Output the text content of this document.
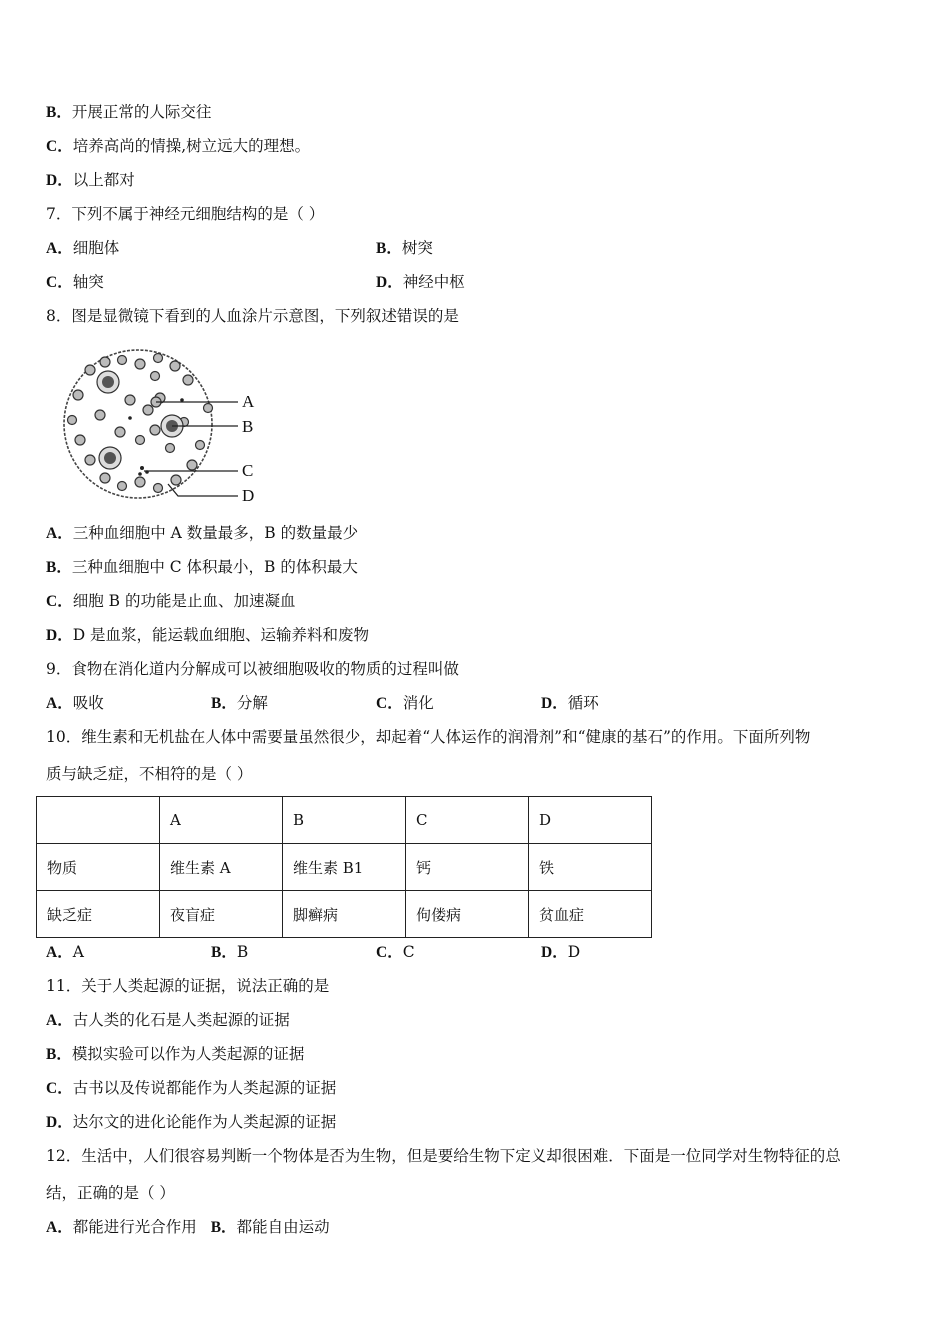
B．开展正常的人际交往
C．培养高尚的情操,树立远大的理想。
D．以上都对
7．下列不属于神经元细胞结构的是（ ）
A．细胞体	B．树突
C．轴突	D．神经中枢
8．图是显微镜下看到的人血涂片示意图，下列叙述错误的是
A
B
C
D
A．三种血细胞中 A 数量最多，B 的数量最少
B．三种血细胞中 C 体积最小，B 的体积最大
C．细胞 B 的功能是止血、加速凝血
D．D 是血浆，能运载血细胞、运输养料和废物
9．食物在消化道内分解成可以被细胞吸收的物质的过程叫做
A．吸收	B．分解	C．消化	D．循环
10．维生素和无机盐在人体中需要量虽然很少，却起着“人体运作的润滑剂”和“健康的基石”的作用。下面所列物
质与缺乏症，不相符的是（ ）
	A	B	C	D
物质	维生素 A	维生素 B1	钙	铁
缺乏症	夜盲症	脚癣病	佝偻病	贫血症
A．A	B．B	C．C	D．D
11．关于人类起源的证据，说法正确的是
A．古人类的化石是人类起源的证据
B．模拟实验可以作为人类起源的证据
C．古书以及传说都能作为人类起源的证据
D．达尔文的进化论能作为人类起源的证据
12．生活中，人们很容易判断一个物体是否为生物，但是要给生物下定义却很困难．下面是一位同学对生物特征的总
结，正确的是（ ）
A．都能进行光合作用 B．都能自由运动
